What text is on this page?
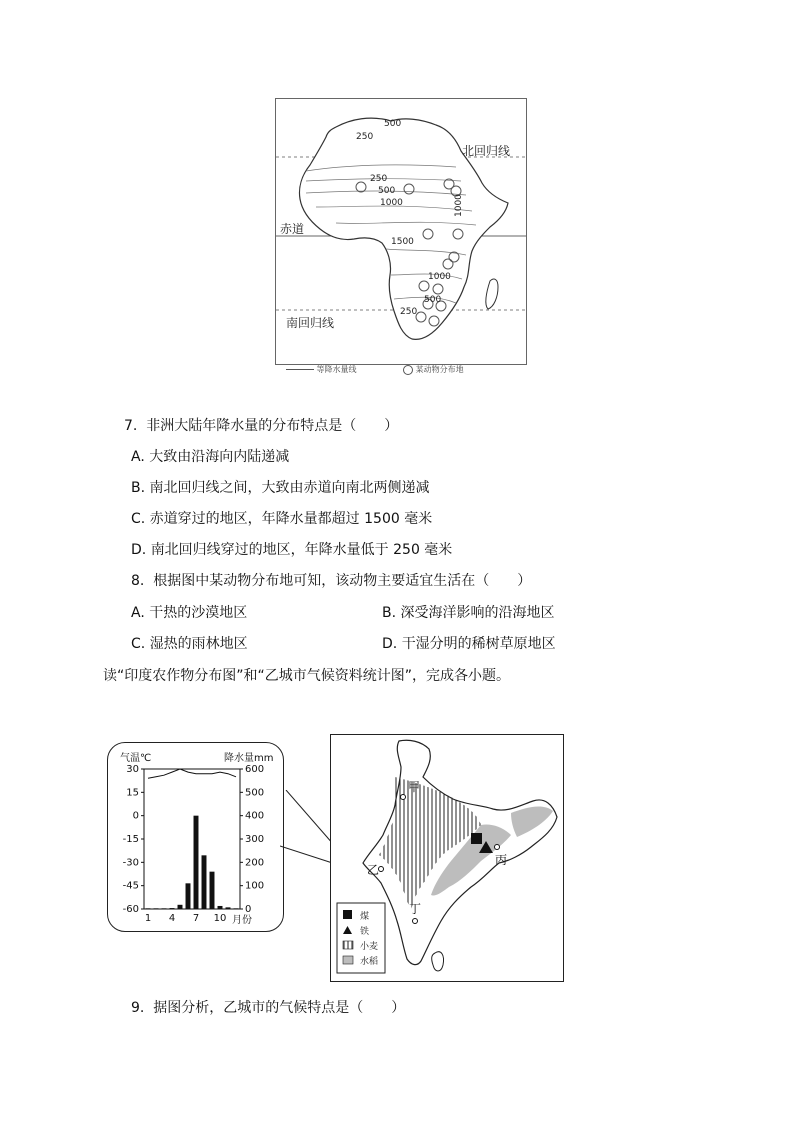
500
250
250
500
1000	1000
1500
1000
500
250
北回归线
赤道
南回归线
等降水量线	某动物分布地
7. 非洲大陆年降水量的分布特点是（　　）
A. 大致由沿海向内陆递减
B. 南北回归线之间，大致由赤道向南北两侧递减
C. 赤道穿过的地区，年降水量都超过 1500 毫米
D. 南北回归线穿过的地区，年降水量低于 250 毫米
8. 根据图中某动物分布地可知，该动物主要适宜生活在（　　）
A. 干热的沙漠地区	B. 深受海洋影响的沿海地区
C. 湿热的雨林地区	D. 干湿分明的稀树草原地区
读“印度农作物分布图”和“乙城市气候资料统计图”，完成各小题。
气温℃	降水量mm
30
15
0
-15
-30
-45
-60
600
500
400
300
200
100
0
1 4 7 10 月份
甲
乙
丙
丁
煤
铁
小麦
水稻
9. 据图分析，乙城市的气候特点是（　　）
